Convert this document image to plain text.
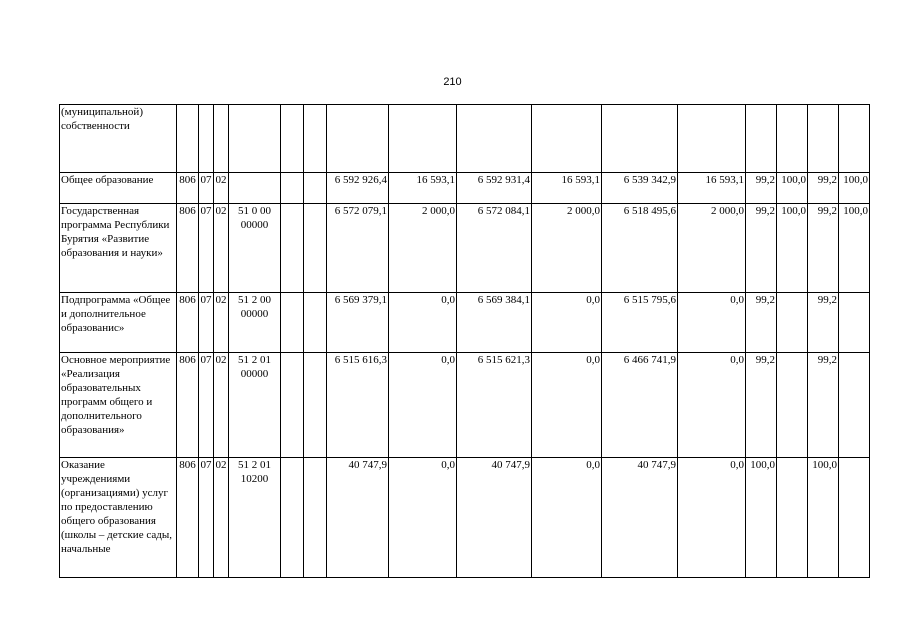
210
(муниципальной) собственности																
Общее образование	806	07	02				6 592 926,4	16 593,1	6 592 931,4	16 593,1	6 539 342,9	16 593,1	99,2	100,0	99,2	100,0
Государственная программа Республики Бурятия «Развитие образования и науки»	806	07	02	51 0 00 00000			6 572 079,1	2 000,0	6 572 084,1	2 000,0	6 518 495,6	2 000,0	99,2	100,0	99,2	100,0
Подпрограмма «Общее и дополнительное образованис»	806	07	02	51 2 00 00000			6 569 379,1	0,0	6 569 384,1	0,0	6 515 795,6	0,0	99,2		99,2	
Основное мероприятие «Реализация образовательных программ общего и дополнительного образования»	806	07	02	51 2 01 00000			6 515 616,3	0,0	6 515 621,3	0,0	6 466 741,9	0,0	99,2		99,2	
Оказание учреждениями (организациями) услуг по предоставлению общего образования (школы – детские сады, начальные	806	07	02	51 2 01 10200			40 747,9	0,0	40 747,9	0,0	40 747,9	0,0	100,0		100,0	
